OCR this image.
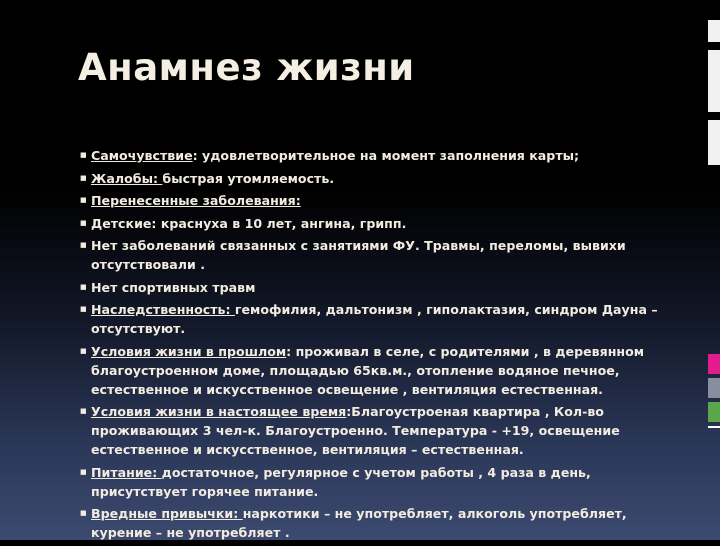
Анамнез жизни
■ Самочувствие: удовлетворительное на момент заполнения карты;
■ Жалобы: быстрая утомляемость.
■ Перенесенные заболевания:
■ Детские: краснуха в 10 лет, ангина, грипп.
■ Нет заболеваний связанных с занятиями ФУ. Травмы, переломы, вывихи отсутствовали .
■ Нет спортивных травм
■ Наследственность: гемофилия, дальтонизм , гиполактазия, синдром Дауна – отсутствуют.
■ Условия жизни в прошлом: проживал в селе, с родителями , в деревянном благоустроенном доме, площадью 65кв.м., отопление водяное печное, естественное и искусственное освещение , вентиляция естественная.
■ Условия жизни в настоящее время:Благоустроеная квартира , Кол-во проживающих 3 чел-к. Благоустроенно. Температура - +19, освещение естественное и искусственное, вентиляция – естественная.
■ Питание: достаточное, регулярное с учетом работы , 4 раза в день, присутствует горячее питание.
■ Вредные привычки: наркотики – не употребляет, алкоголь употребляет, курение – не употребляет .
